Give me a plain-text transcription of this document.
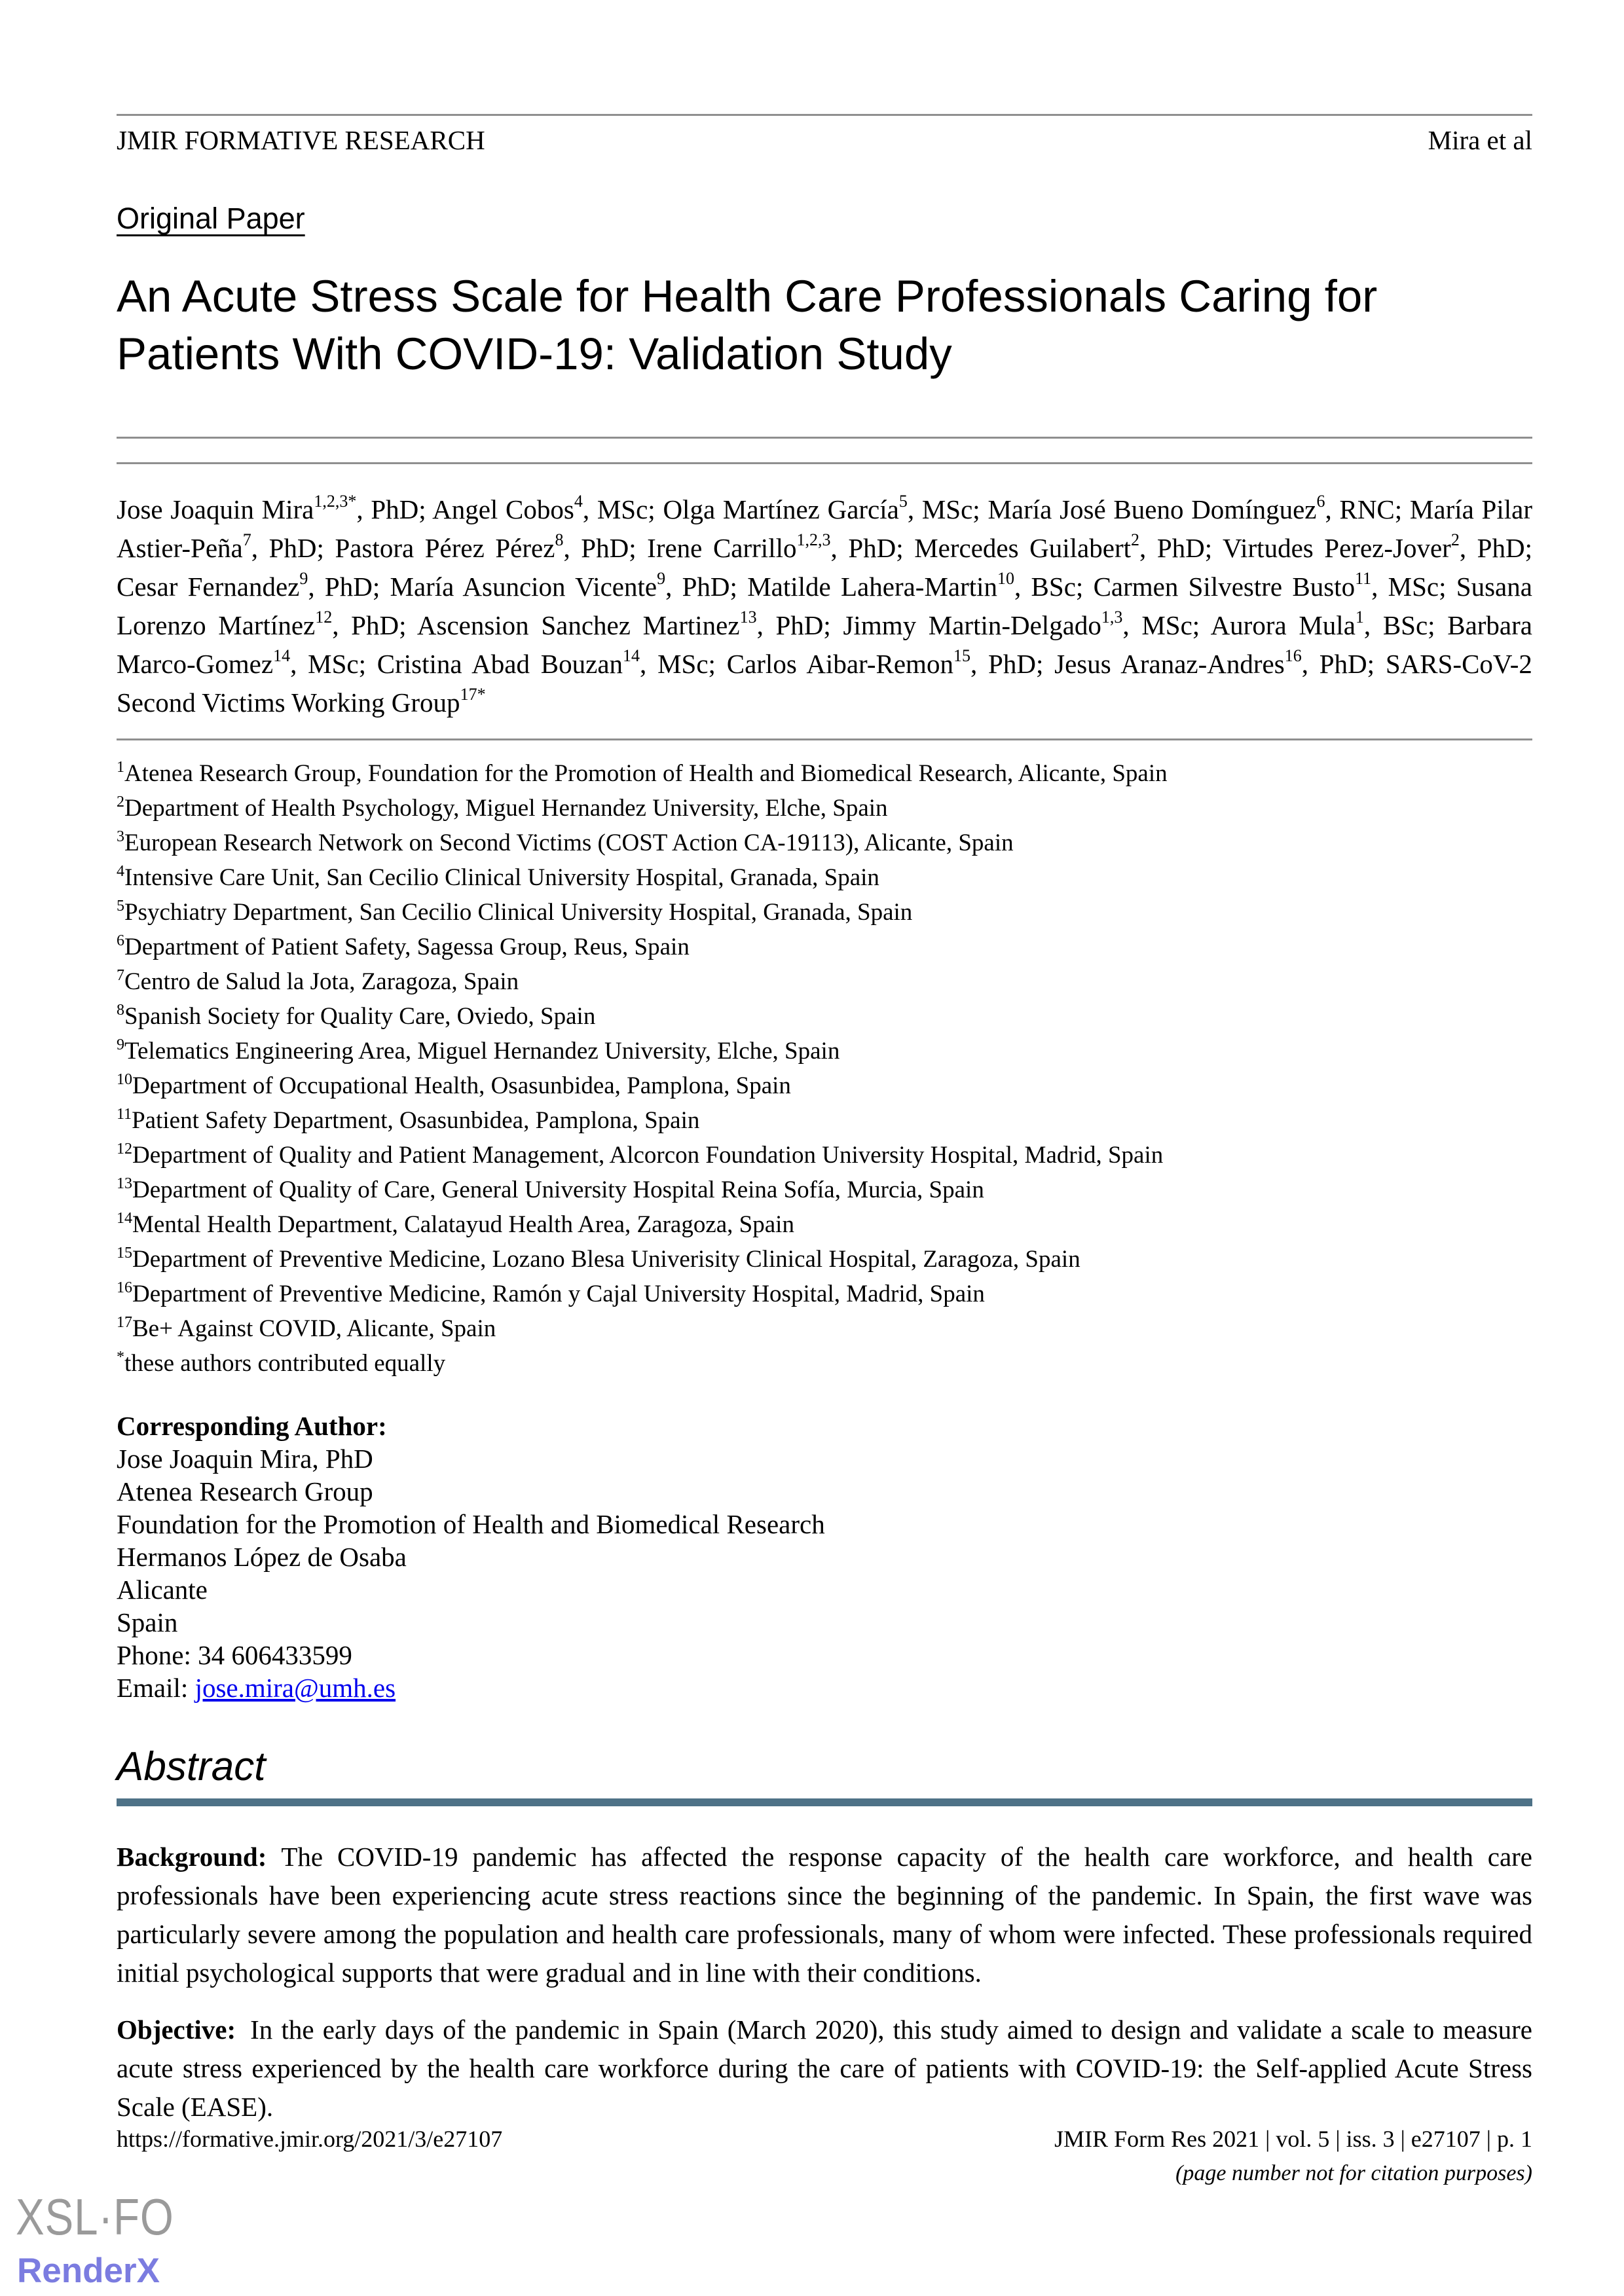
JMIR FORMATIVE RESEARCH	Mira et al
Original Paper
An Acute Stress Scale for Health Care Professionals Caring for Patients With COVID-19: Validation Study

Jose Joaquin Mira$^{1,2,3*}$, PhD; Angel Cobos$^4$, MSc; Olga Martínez García$^5$, MSc; María José Bueno Domínguez$^6$, RNC; María Pilar Astier-Peña$^7$, PhD; Pastora Pérez Pérez$^8$, PhD; Irene Carrillo$^{1,2,3}$, PhD; Mercedes Guilabert$^2$, PhD; Virtudes Perez-Jover$^2$, PhD; Cesar Fernandez$^9$, PhD; María Asuncion Vicente$^9$, PhD; Matilde Lahera-Martin$^{10}$, BSc; Carmen Silvestre Busto$^{11}$, MSc; Susana Lorenzo Martínez$^{12}$, PhD; Ascension Sanchez Martinez$^{13}$, PhD; Jimmy Martin-Delgado$^{1,3}$, MSc; Aurora Mula$^1$, BSc; Barbara Marco-Gomez$^{14}$, MSc; Cristina Abad Bouzan$^{14}$, MSc; Carlos Aibar-Remon$^{15}$, PhD; Jesus Aranaz-Andres$^{16}$, PhD; SARS-CoV-2 Second Victims Working Group$^{17*}$

$^1$Atenea Research Group, Foundation for the Promotion of Health and Biomedical Research, Alicante, Spain
$^2$Department of Health Psychology, Miguel Hernandez University, Elche, Spain
$^3$European Research Network on Second Victims (COST Action CA-19113), Alicante, Spain
$^4$Intensive Care Unit, San Cecilio Clinical University Hospital, Granada, Spain
$^5$Psychiatry Department, San Cecilio Clinical University Hospital, Granada, Spain
$^6$Department of Patient Safety, Sagessa Group, Reus, Spain
$^7$Centro de Salud la Jota, Zaragoza, Spain
$^8$Spanish Society for Quality Care, Oviedo, Spain
$^9$Telematics Engineering Area, Miguel Hernandez University, Elche, Spain
$^{10}$Department of Occupational Health, Osasunbidea, Pamplona, Spain
$^{11}$Patient Safety Department, Osasunbidea, Pamplona, Spain
$^{12}$Department of Quality and Patient Management, Alcorcon Foundation University Hospital, Madrid, Spain
$^{13}$Department of Quality of Care, General University Hospital Reina Sofía, Murcia, Spain
$^{14}$Mental Health Department, Calatayud Health Area, Zaragoza, Spain
$^{15}$Department of Preventive Medicine, Lozano Blesa Univerisity Clinical Hospital, Zaragoza, Spain
$^{16}$Department of Preventive Medicine, Ramón y Cajal University Hospital, Madrid, Spain
$^{17}$Be+ Against COVID, Alicante, Spain
*these authors contributed equally
Corresponding Author:
Jose Joaquin Mira, PhD
Atenea Research Group
Foundation for the Promotion of Health and Biomedical Research
Hermanos López de Osaba
Alicante
Spain
Phone: 34 606433599
Email: jose.mira@umh.es
Abstract

Background: The COVID-19 pandemic has affected the response capacity of the health care workforce, and health care professionals have been experiencing acute stress reactions since the beginning of the pandemic. In Spain, the first wave was particularly severe among the population and health care professionals, many of whom were infected. These professionals required initial psychological supports that were gradual and in line with their conditions.

Objective: In the early days of the pandemic in Spain (March 2020), this study aimed to design and validate a scale to measure acute stress experienced by the health care workforce during the care of patients with COVID-19: the Self-applied Acute Stress Scale (EASE).

https://formative.jmir.org/2021/3/e27107	JMIR Form Res 2021 | vol. 5 | iss. 3 | e27107 | p. 1
(page number not for citation purposes)
XSL·FO
RenderX
